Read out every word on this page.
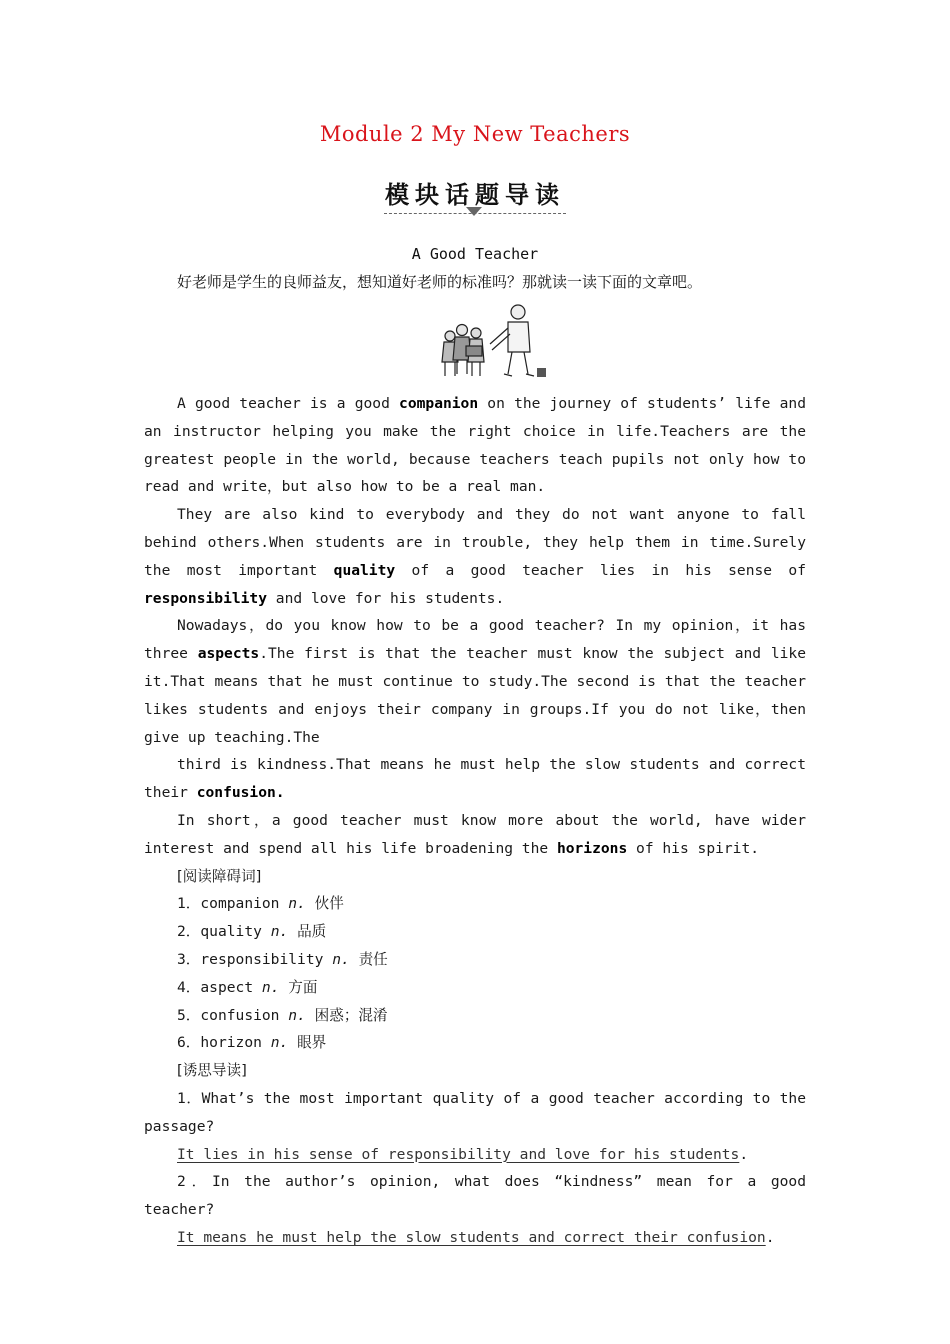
Module 2 My New Teachers
模块话题导读
A Good Teacher
好老师是学生的良师益友，想知道好老师的标准吗？那就读一读下面的文章吧。

A good teacher is a good companion on the journey of students’ life and an instructor helping you make the right choice in life.Teachers are the greatest people in the world, because teachers teach pupils not only how to read and write，but also how to be a real man.

They are also kind to everybody and they do not want anyone to fall behind others.When students are in trouble, they help them in time.Surely the most important quality of a good teacher lies in his sense of responsibility and love for his students.

Nowadays，do you know how to be a good teacher? In my opinion，it has three aspects.The first is that the teacher must know the subject and like it.That means that he must continue to study.The second is that the teacher likes students and enjoys their company in groups.If you do not like，then give up teaching.The

third is kindness.That means he must help the slow students and correct their confusion.

In short，a good teacher must know more about the world, have wider interest and spend all his life broadening the horizons of his spirit.

[阅读障碍词]

1．companion n. 伙伴

2．quality n. 品质

3．responsibility n. 责任

4．aspect n. 方面

5．confusion n. 困惑；混淆

6．horizon n. 眼界

[诱思导读]

1．What’s the most important quality of a good teacher according to the passage?

It lies in his sense of responsibility and love for his students.

2．In the author’s opinion, what does “kindness” mean for a good teacher?

It means he must help the slow students and correct their confusion.
